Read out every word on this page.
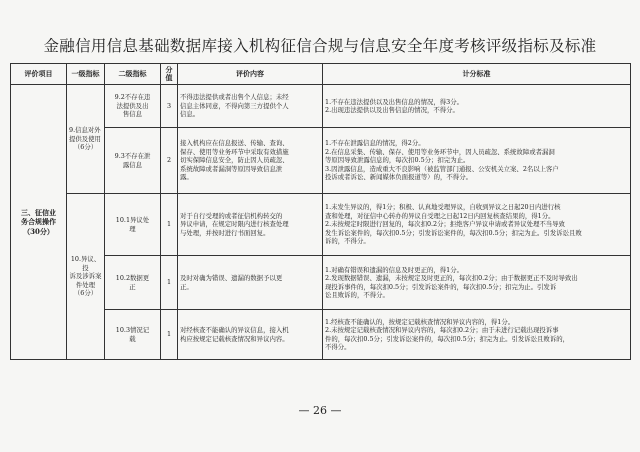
金融信用信息基础数据库接入机构征信合规与信息安全年度考核评级指标及标准
评价项目	一级指标	二级指标	分值	评价内容	计分标准

三、征信业
务合规操作
（30分）	9.信息对外
提供及使用
（6分）	9.2不存在违
法提供及出
售信息	3	不得违法提供或者出售个人信息；未经
信息主体同意，不得向第三方提供个人
信息。	1.不存在违法提供以及出售信息的情况，得3分。
2.出现违法提供以及出售信息的情况，不得分。

		9.3不存在泄
露信息	2	接入机构应在信息报送、传输、查询、
保存、使用等业务环节中采取有效措施
切实保障信息安全，防止因人员疏忽、
系统故障或者漏洞等原因导致信息泄
露。	1.不存在泄露信息的情况，得2分。
2.在信息采集、传输、保存、使用等业务环节中，因人员疏忽、系统故障或者漏洞
等原因导致泄露信息的，每次扣0.5分；扣完为止。
3.因泄露信息，造成重大不良影响（被监管部门通报、公安机关立案、2名以上客户
投诉或者诉讼、新闻媒体负面报道等）的，不得分。

	10.异议、投
诉及涉诉案
件处理
（6分）	10.1异议处
理	1	对于自行受理的或者征信机构转交的
异议申请，在规定时限内进行核查处理
与处理，并按时进行书面回复。	1.未发生异议的，得1分；积极、认真地受理异议，自收到异议之日起20日内进行核
查和处理，对征信中心转办的异议自受理之日起12日内回复核查结果的，得1分。
2.未按规定时限进行回复的，每次扣0.2分；拒绝客户异议申请或者异议处理不当导致
发生诉讼案件的，每次扣0.5分；引发诉讼案件的，每次扣0.5分；扣完为止。引发诉讼且败
诉的，不得分。

		10.2数据更
正	1	及时对确为错误、遗漏的数据予以更
正。	1.对确有错误和遗漏的信息及时更正的，得1分。
2.发现数据错误、遗漏，未按规定及时更正的，每次扣0.2分；由于数据更正不及时导致出
现投诉事件的，每次扣0.5分；引发诉讼案件的，每次扣0.5分；扣完为止。引发诉
讼且败诉的，不得分。

		10.3情况记
载	1	对经核查不能确认的异议信息，接入机
构应按规定记载核查情况和异议内容。	1.经核查不能确认的，按规定记载核查情况和异议内容的，得1分。
2.未按规定记载核查情况和异议内容的，每次扣0.2分；由于未进行记载出现投诉事
件的，每次扣0.5分；引发诉讼案件的，每次扣0.5分；扣完为止。引发诉讼且败诉的，
不得分。
— 26 —
